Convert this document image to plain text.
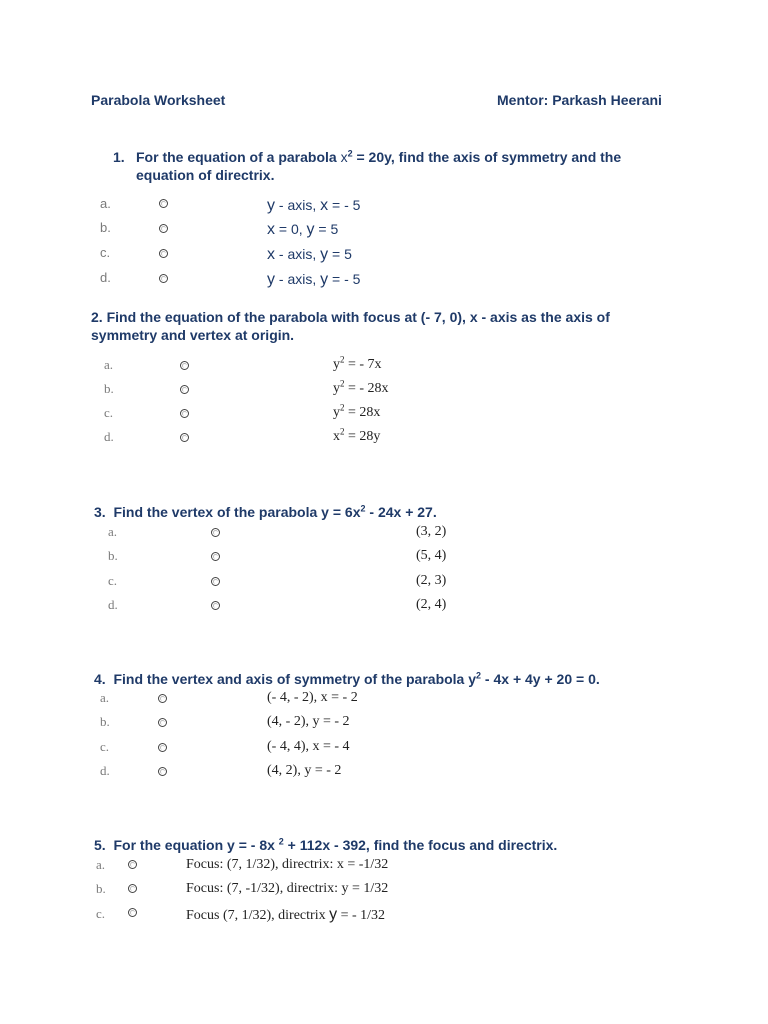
Parabola Worksheet	Mentor: Parkash Heerani
1. For the equation of a parabola $x^2 = 20y$, find the axis of symmetry and the
equation of directrix.
a.
b.
c.
d.
y - axis, x = - 5
x = 0, y = 5
x - axis, y = 5
y - axis, y = - 5
2. Find the equation of the parabola with focus at (- 7, 0), x - axis as the axis of
symmetry and vertex at origin.
a.
b.
c.
d.
$y^2$ = - 7x
$y^2$ = - 28x
$y^2 = 28x$
$x^2 = 28y$
3. Find the vertex of the parabola $y = 6x^2 - 24x + 27$.
a.
b.
c.
d.
(3, 2)
(5, 4)
(2, 3)
(2, 4)
4. Find the vertex and axis of symmetry of the parabola $y^2 - 4x + 4y + 20 = 0$.
a.
b.
c.
d.
(- 4, - 2), x = - 2
(4, - 2), y = - 2
(- 4, 4), x = - 4
(4, 2), y = - 2
5. For the equation y = - 8x $^2$ + 112x - 392, find the focus and directrix.
a.
b.
c.
Focus: (7, 1/32), directrix: x = -1/32
Focus: (7, -1/32), directrix: y = 1/32
Focus (7, 1/32), directrix y = - 1/32
